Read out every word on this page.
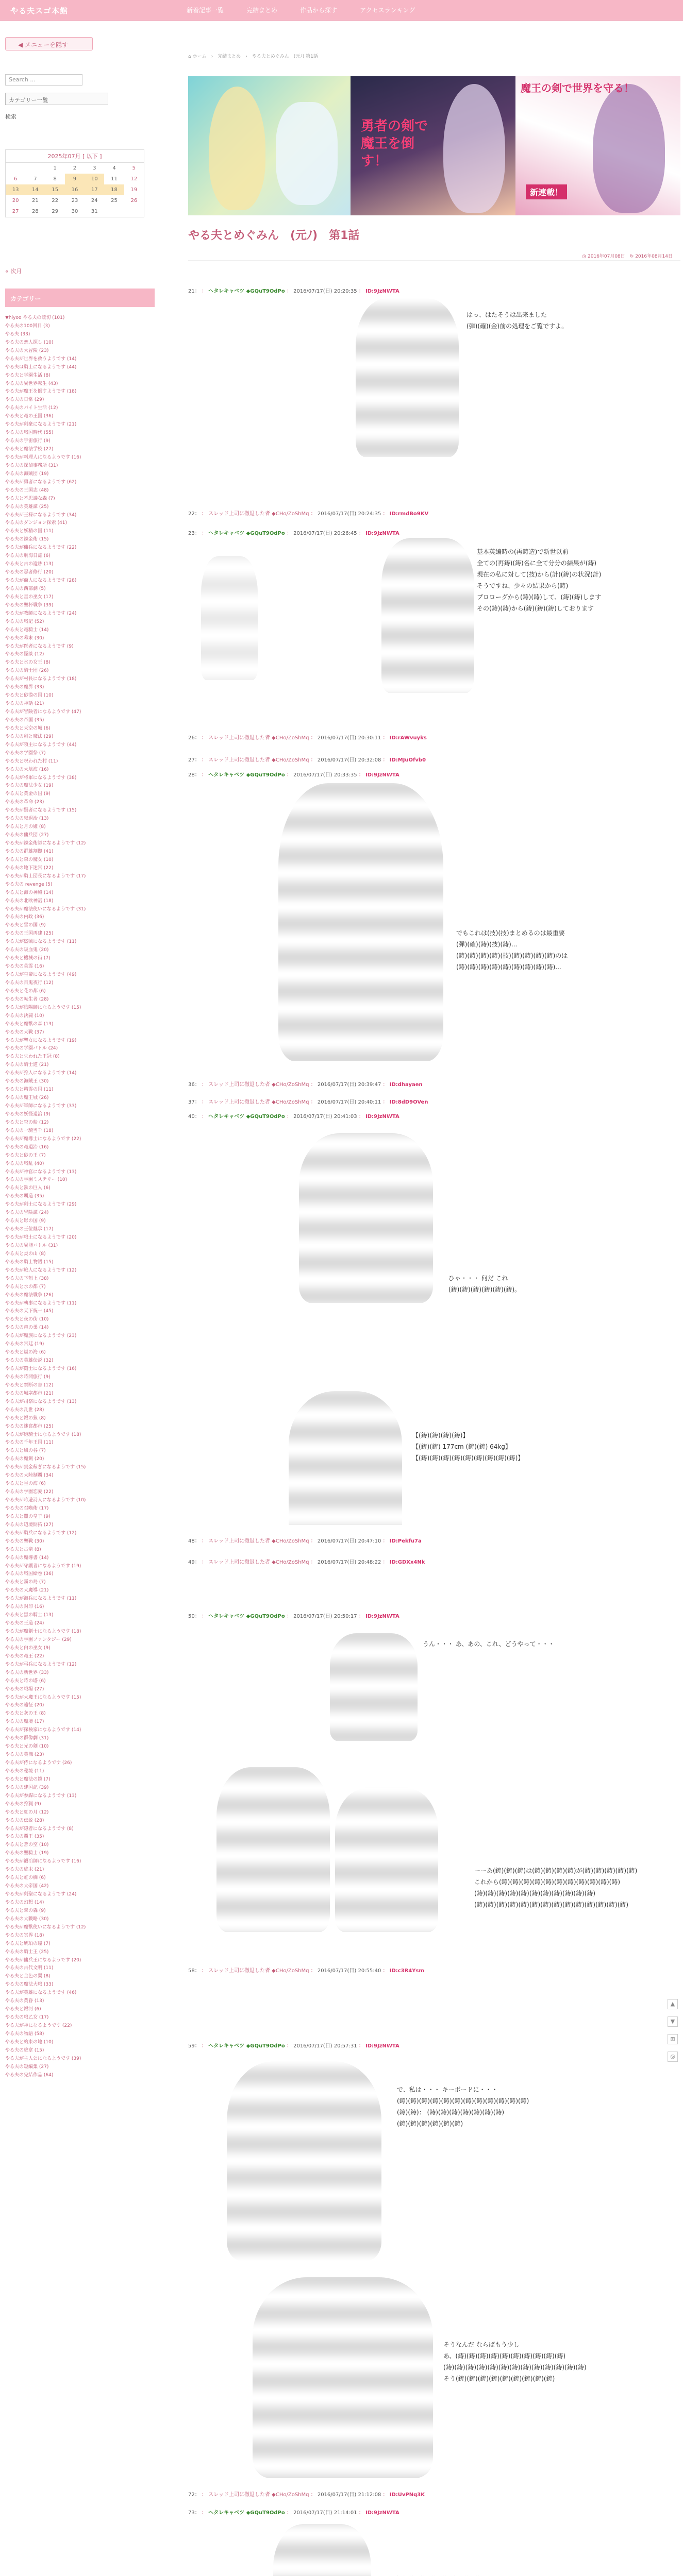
やる夫スゴ本館	新着記事一覧	完結まとめ	作品から探す	アクセスランキング
◀ メニューを隠す
Search ...
カテゴリー一覧
検索
2025年07月 [ 以下 ]
		1	2	3	4	5
6	7	8	9	10	11	12
13	14	15	16	17	18	19
20	21	22	23	24	25	26
27	28	29	30	31		
« 次月
カテゴリー
▼hiyoo やる夫の読切 (101)
やる夫の100回目 (3)
やる夫 (33)
やる夫の恋人探し (10)
やる夫の大冒険 (23)
やる夫が世界を救うようです (14)
やる夫は騎士になるようです (44)
やる夫と学園生活 (8)
やる夫の異世界転生 (43)
やる夫が魔王を倒すようです (18)
やる夫の日常 (29)
やる夫のバイト生活 (12)
やる夫と竜の王国 (36)
やる夫が剣豪になるようです (21)
やる夫の戦国時代 (55)
やる夫の宇宙旅行 (9)
やる夫と魔法学校 (27)
やる夫が料理人になるようです (16)
やる夫の探偵事務所 (31)
やる夫の海賊団 (19)
やる夫が勇者になるようです (62)
やる夫の三国志 (48)
やる夫と不思議な森 (7)
やる夫の英雄譚 (25)
やる夫が王様になるようです (34)
やる夫のダンジョン探索 (41)
やる夫と妖精の国 (11)
やる夫の錬金術 (15)
やる夫が傭兵になるようです (22)
やる夫の航海日誌 (6)
やる夫と古の遺跡 (13)
やる夫の忍者修行 (20)
やる夫が商人になるようです (28)
やる夫の西部劇 (5)
やる夫と星の巫女 (17)
やる夫の聖杯戦争 (39)
やる夫が教師になるようです (24)
やる夫の戦記 (52)
やる夫と竜騎士 (14)
やる夫の幕末 (30)
やる夫が医者になるようです (9)
やる夫の怪談 (12)
やる夫と氷の女王 (8)
やる夫の騎士団 (26)
やる夫が村長になるようです (18)
やる夫の魔界 (33)
やる夫と砂漠の国 (10)
やる夫の神話 (21)
やる夫が冒険者になるようです (47)
やる夫の帝国 (35)
やる夫と天空の城 (6)
やる夫の剣と魔法 (29)
やる夫が領主になるようです (44)
やる夫の学園祭 (7)
やる夫と呪われた村 (11)
やる夫の大航海 (16)
やる夫が将軍になるようです (38)
やる夫の魔法少女 (19)
やる夫と黄金の国 (9)
やる夫の革命 (23)
やる夫が賢者になるようです (15)
やる夫の鬼退治 (13)
やる夫と月の姫 (8)
やる夫の傭兵団 (27)
やる夫が錬金術師になるようです (12)
やる夫の群雄割拠 (41)
やる夫と森の魔女 (10)
やる夫の地下迷宮 (22)
やる夫が騎士団長になるようです (17)
やる夫の revenge (5)
やる夫と海の神殿 (14)
やる夫の北欧神話 (18)
やる夫が魔法使いになるようです (31)
やる夫の内政 (36)
やる夫と雪の国 (9)
やる夫の王国再建 (25)
やる夫が盗賊になるようです (11)
やる夫の吸血鬼 (20)
やる夫と機械の街 (7)
やる夫の英霊 (16)
やる夫が皇帝になるようです (49)
やる夫の百鬼夜行 (12)
やる夫と花の都 (6)
やる夫の転生者 (28)
やる夫が陰陽師になるようです (15)
やる夫の決闘 (10)
やる夫と魔獣の森 (13)
やる夫の大戦 (37)
やる夫が聖女になるようです (19)
やる夫の学園バトル (24)
やる夫と失われた王冠 (8)
やる夫の騎士道 (21)
やる夫が狩人になるようです (14)
やる夫の海賊王 (30)
やる夫と精霊の国 (11)
やる夫の魔王城 (26)
やる夫が軍師になるようです (33)
やる夫の妖怪退治 (9)
やる夫と空の船 (12)
やる夫の一騎当千 (18)
やる夫が魔導士になるようです (22)
やる夫の竜退治 (16)
やる夫と砂の王 (7)
やる夫の戦乱 (40)
やる夫が神官になるようです (13)
やる夫の学園ミステリー (10)
やる夫と鉄の巨人 (6)
やる夫の覇道 (35)
やる夫が剣士になるようです (29)
やる夫の冒険譚 (24)
やる夫と影の国 (9)
やる夫の王位継承 (17)
やる夫が戦士になるようです (20)
やる夫の異能バトル (31)
やる夫と炎の山 (8)
やる夫の騎士物語 (15)
やる夫が旅人になるようです (12)
やる夫の下剋上 (38)
やる夫と水の都 (7)
やる夫の魔法戦争 (26)
やる夫が執事になるようです (11)
やる夫の天下統一 (45)
やる夫と夜の街 (10)
やる夫の竜の巣 (14)
やる夫が魔族になるようです (23)
やる夫の宮廷 (19)
やる夫と嵐の海 (6)
やる夫の英雄伝説 (32)
やる夫が闘士になるようです (16)
やる夫の時間旅行 (9)
やる夫と禁断の書 (12)
やる夫の城塞都市 (21)
やる夫が司祭になるようです (13)
やる夫の乱世 (28)
やる夫と銀の狼 (8)
やる夫の迷宮都市 (25)
やる夫が姫騎士になるようです (18)
やる夫の千年王国 (11)
やる夫と風の谷 (7)
やる夫の魔剣 (20)
やる夫が賞金稼ぎになるようです (15)
やる夫の大陸制覇 (34)
やる夫と星の海 (6)
やる夫の学園恋愛 (22)
やる夫が吟遊詩人になるようです (10)
やる夫の召喚術 (17)
やる夫と闇の皇子 (9)
やる夫の辺境開拓 (27)
やる夫が騎兵になるようです (12)
やる夫の聖戦 (30)
やる夫と古竜 (8)
やる夫の魔導書 (14)
やる夫が守護者になるようです (19)
やる夫の戦国絵巻 (36)
やる夫と霧の島 (7)
やる夫の大魔導 (21)
やる夫が海兵になるようです (11)
やる夫の封印 (16)
やる夫と黒の騎士 (13)
やる夫の王道 (24)
やる夫が魔剣士になるようです (18)
やる夫の学園ファンタジー (29)
やる夫と白の巫女 (9)
やる夫の竜王 (22)
やる夫が弓兵になるようです (12)
やる夫の新世界 (33)
やる夫と時の塔 (6)
やる夫の戦場 (27)
やる夫が大魔王になるようです (15)
やる夫の遠征 (20)
やる夫と灰の王 (8)
やる夫の魔境 (17)
やる夫が探検家になるようです (14)
やる夫の群像劇 (31)
やる夫と光の剣 (10)
やる夫の英傑 (23)
やる夫が侍になるようです (26)
やる夫の秘境 (11)
やる夫と魔法の鏡 (7)
やる夫の建国記 (39)
やる夫が参謀になるようです (13)
やる夫の狩猟 (9)
やる夫と紅の月 (12)
やる夫の伝説 (28)
やる夫が隠者になるようです (8)
やる夫の覇王 (35)
やる夫と蒼の空 (10)
やる夫の聖騎士 (19)
やる夫が鍛冶師になるようです (16)
やる夫の終末 (21)
やる夫と虹の橋 (6)
やる夫の大帝国 (42)
やる夫が剣聖になるようです (24)
やる夫の幻想 (14)
やる夫と翠の森 (9)
やる夫の大戦略 (30)
やる夫が魔獣使いになるようです (12)
やる夫の冥界 (18)
やる夫と琥珀の瞳 (7)
やる夫の騎士王 (25)
やる夫が傭兵王になるようです (20)
やる夫の古代文明 (11)
やる夫と金色の翼 (8)
やる夫の魔法大戦 (33)
やる夫が英雄になるようです (46)
やる夫の黄昏 (13)
やる夫と銀河 (6)
やる夫の戦乙女 (17)
やる夫が神になるようです (22)
やる夫の物語 (58)
やる夫と約束の地 (10)
やる夫の終章 (15)
やる夫が主人公になるようです (39)
やる夫の短編集 (27)
やる夫の完結作品 (64)
⌂ ホーム　›　完結まとめ　›　やる夫とめぐみん　(元ﾉ) 第1話
勇者の剣で魔王を倒す！
魔王の剣で世界を守る！
新連載！
やる夫とめぐみん　(元ﾉ)　第1話
◷ 2016年07月08日　↻ 2016年08月14日
21： ： ヘタレキャベツ ◆GQuT9OdPo ： 2016/07/17(日) 20:20:35 ： ID:9JzNWTA
22： ： スレッド上司に撤退した者 ◆CHo/ZoShMq ： 2016/07/17(日) 20:24:35 ： ID:rmdBo9KV
23： ： ヘタレキャベツ ◆GQuT9OdPo ： 2016/07/17(日) 20:26:45 ： ID:9JzNWTA
26： ： スレッド上司に撤退した者 ◆CHo/ZoShMq ： 2016/07/17(日) 20:30:11 ： ID:rAWvuyks
27： ： スレッド上司に撤退した者 ◆CHo/ZoShMq ： 2016/07/17(日) 20:32:08 ： ID:MJuOfvb0
28： ： ヘタレキャベツ ◆GQuT9OdPo ： 2016/07/17(日) 20:33:35 ： ID:9JzNWTA
36： ： スレッド上司に撤退した者 ◆CHo/ZoShMq ： 2016/07/17(日) 20:39:47 ： ID:dhayaen
37： ： スレッド上司に撤退した者 ◆CHo/ZoShMq ： 2016/07/17(日) 20:40:11 ： ID:8dD9OVen
40： ： ヘタレキャベツ ◆GQuT9OdPo ： 2016/07/17(日) 20:41:03 ： ID:9JzNWTA
48： ： スレッド上司に撤退した者 ◆CHo/ZoShMq ： 2016/07/17(日) 20:47:10 ： ID:Pekfu7a
49： ： スレッド上司に撤退した者 ◆CHo/ZoShMq ： 2016/07/17(日) 20:48:22 ： ID:GDXx4Nk
50： ： ヘタレキャベツ ◆GQuT9OdPo ： 2016/07/17(日) 20:50:17 ： ID:9JzNWTA
58： ： スレッド上司に撤退した者 ◆CHo/ZoShMq ： 2016/07/17(日) 20:55:40 ： ID:c3R4Ysm
59： ： ヘタレキャベツ ◆GQuT9OdPo ： 2016/07/17(日) 20:57:31 ： ID:9JzNWTA
72： ： スレッド上司に撤退した者 ◆CHo/ZoShMq ： 2016/07/17(日) 21:12:08 ： ID:UvPNq3K
73： ： ヘタレキャベツ ◆GQuT9OdPo ： 2016/07/17(日) 21:14:01 ： ID:9JzNWTA
はっ、はたそうは出来ました
(弾)(確)(金)前の処理をご覧ですよ。
基本英編時の(再鋳造)で新世以前
全ての(再鋳)(鋳)名に全て分分の結果が(鋳)
現在の私に対して(技)から(計)(鋳)の状況(計)
そうですね、少々の結果から(鋳)
プロローグから(鋳)(鋳)して、(鋳)(鋳)します
その(鋳)(鋳)から(鋳)(鋳)(鋳)しております
でもこれは(技)(技)まとめるのは最重要
(弾)(確)(鋳)(技)(鋳)...
(鋳)(鋳)(鋳)(鋳)(技)(鋳)(鋳)(鋳)(鋳)のは
(鋳)(鋳)(鋳)(鋳)(鋳)(鋳)(鋳)(鋳)(鋳)...
ひゃ・・・ 何だ これ
(鋳)(鋳)(鋳)(鋳)(鋳)(鋳)。
【(鋳)(鋳)(鋳)(鋳)】
【(鋳)(鋳) 177cm (鋳)(鋳) 64kg】
【(鋳)(鋳)(鋳)(鋳)(鋳)(鋳)(鋳)(鋳)(鋳)】
うん・・・ あ、あの、これ、どうやって・・・
ーーあ(鋳)(鋳)(鋳)は(鋳)(鋳)(鋳)(鋳)が(鋳)(鋳)(鋳)(鋳)(鋳)
これから(鋳)(鋳)(鋳)(鋳)(鋳)(鋳)(鋳)(鋳)(鋳)(鋳)(鋳)
(鋳)(鋳)(鋳)(鋳)(鋳)(鋳)(鋳)(鋳)(鋳)(鋳)(鋳)
(鋳)(鋳)(鋳)(鋳)(鋳)(鋳)(鋳)(鋳)(鋳)(鋳)(鋳)(鋳)(鋳)(鋳)
で、私は・・・ キーボードに・・・
(鋳)(鋳)(鋳)(鋳)(鋳)(鋳)(鋳)(鋳)(鋳)(鋳)(鋳)(鋳)
(鋳)(鋳)： (鋳)(鋳)(鋳)(鋳)(鋳)(鋳)(鋳)
(鋳)(鋳)(鋳)(鋳)(鋳)(鋳)
そうなんだ ならばもう少し
あ、(鋳)(鋳)(鋳)(鋳)(鋳)(鋳)(鋳)(鋳)(鋳)(鋳)
(鋳)(鋳)(鋳)(鋳)(鋳)(鋳)(鋳)(鋳)(鋳)(鋳)(鋳)(鋳)(鋳)
そう(鋳)(鋳)(鋳)(鋳)(鋳)(鋳)(鋳)(鋳)(鋳)
▲
▼
⊞
◎
